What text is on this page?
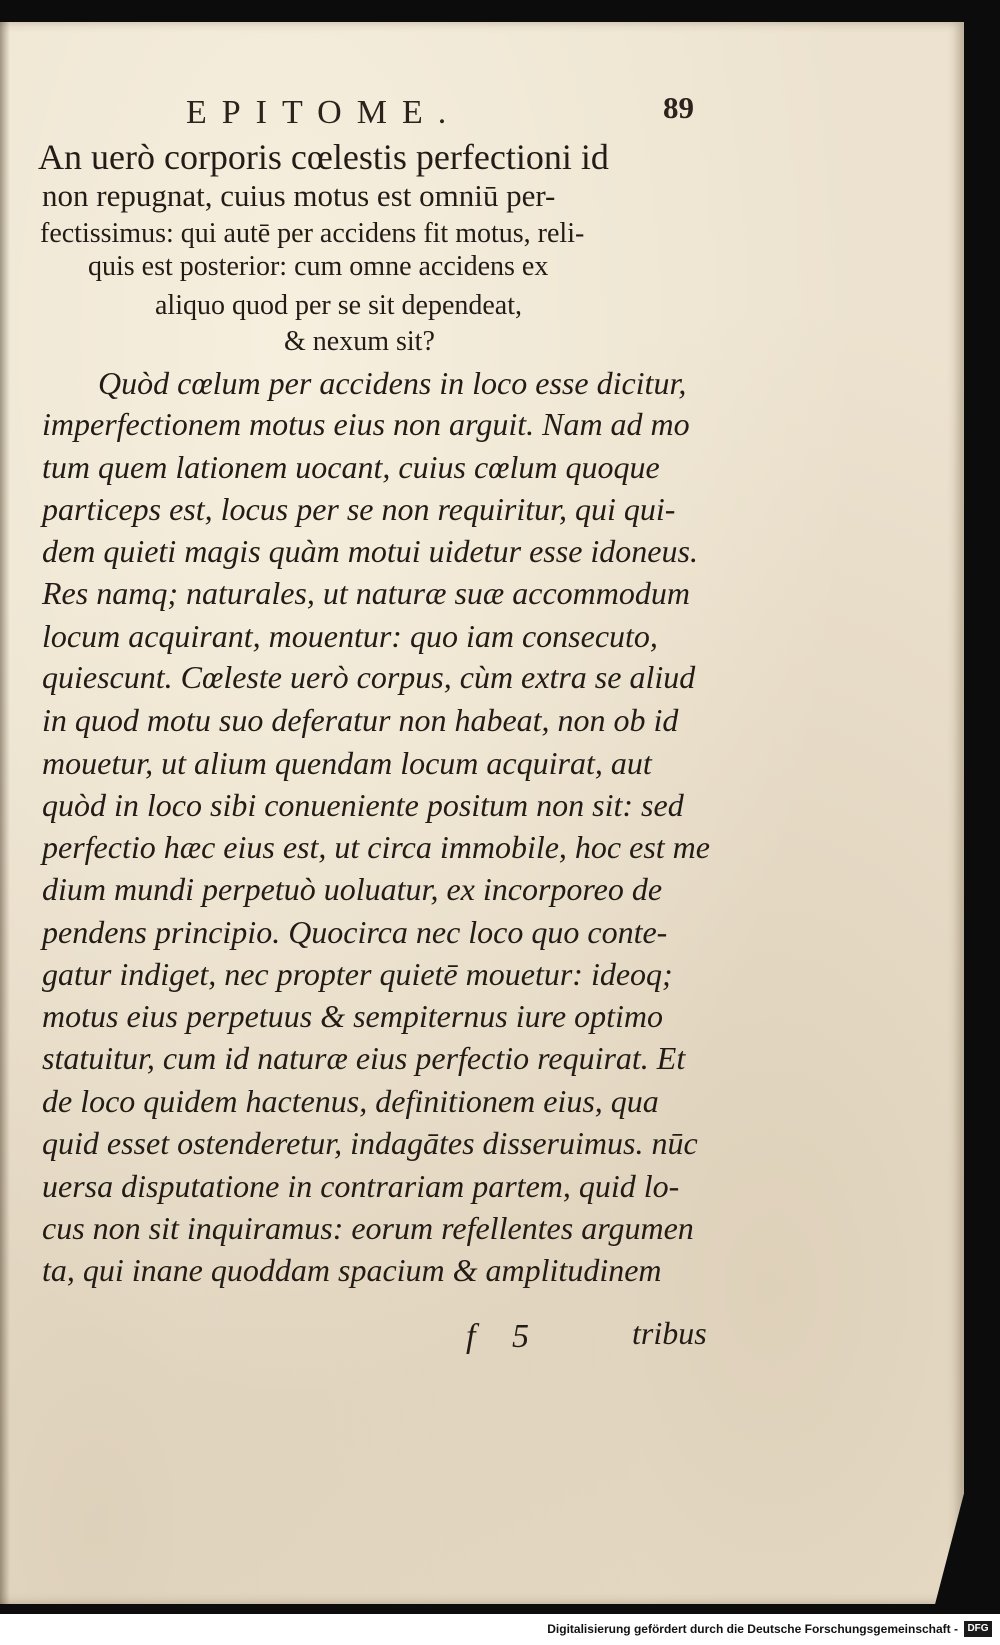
EPITOME.	89
An uerò corporis cœlestis perfectioni id
non repugnat, cuius motus est omniū per-
fectissimus: qui autē per accidens fit motus, reli-
quis est posterior: cum omne accidens ex
aliquo quod per se sit dependeat,
& nexum sit?
Quòd cœlum per accidens in loco esse dicitur,
imperfectionem motus eius non arguit. Nam ad mo
tum quem lationem uocant, cuius cœlum quoque
particeps est, locus per se non requiritur, qui qui-
dem quieti magis quàm motui uidetur esse idoneus.
Res namq; naturales, ut naturæ suæ accommodum
locum acquirant, mouentur: quo iam consecuto,
quiescunt. Cœleste uerò corpus, cùm extra se aliud
in quod motu suo deferatur non habeat, non ob id
mouetur, ut alium quendam locum acquirat, aut
quòd in loco sibi conueniente positum non sit: sed
perfectio hæc eius est, ut circa immobile, hoc est me
dium mundi perpetuò uoluatur, ex incorporeo de
pendens principio. Quocirca nec loco quo conte-
gatur indiget, nec propter quietē mouetur: ideoq;
motus eius perpetuus & sempiternus iure optimo
statuitur, cum id naturæ eius perfectio requirat. Et
de loco quidem hactenus, definitionem eius, qua
quid esset ostenderetur, indagātes disseruimus. nūc
uersa disputatione in contrariam partem, quid lo-
cus non sit inquiramus: eorum refellentes argumen
ta, qui inane quoddam spacium & amplitudinem
f 5	tribus
Digitalisierung gefördert durch die Deutsche Forschungsgemeinschaft - DFG
